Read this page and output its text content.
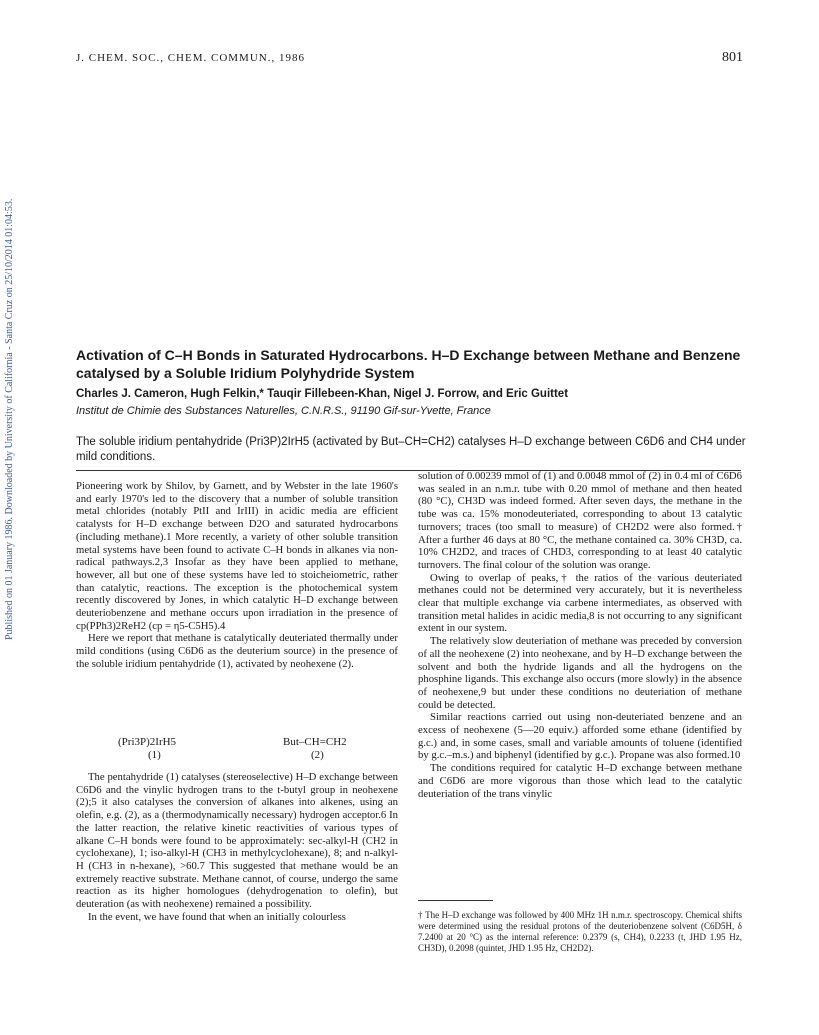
J. CHEM. SOC., CHEM. COMMUN., 1986	801
Published on 01 January 1986. Downloaded by University of California - Santa Cruz on 25/10/2014 01:04:53.	Activation of C–H Bonds in Saturated Hydrocarbons. H–D Exchange between Methane and Benzene catalysed by a Soluble Iridium Polyhydride System
Charles J. Cameron, Hugh Felkin,* Tauqir Fillebeen-Khan, Nigel J. Forrow, and Eric Guittet
Institut de Chimie des Substances Naturelles, C.N.R.S., 91190 Gif-sur-Yvette, France
The soluble iridium pentahydride (Pri3P)2IrH5 (activated by But–CH=CH2) catalyses H–D exchange between C6D6 and CH4 under mild conditions.

Pioneering work by Shilov, by Garnett, and by Webster in the late 1960's and early 1970's led to the discovery that a number of soluble transition metal chlorides (notably PtII and IrIII) in acidic media are efficient catalysts for H–D exchange between D2O and saturated hydrocarbons (including methane).1 More recently, a variety of other soluble transition metal systems have been found to activate C–H bonds in alkanes via non-radical pathways.2,3 Insofar as they have been applied to methane, however, all but one of these systems have led to stoicheiometric, rather than catalytic, reactions. The exception is the photochemical system recently discovered by Jones, in which catalytic H–D exchange between deuteriobenzene and methane occurs upon irradiation in the presence of cp(PPh3)2ReH2 (cp = η5-C5H5).4

Here we report that methane is catalytically deuteriated thermally under mild conditions (using C6D6 as the deuterium source) in the presence of the soluble iridium pentahydride (1), activated by neohexene (2).

(Pri3P)2IrH5
(1)
But–CH=CH2
(2)

The pentahydride (1) catalyses (stereoselective) H–D exchange between C6D6 and the vinylic hydrogen trans to the t-butyl group in neohexene (2);5 it also catalyses the conversion of alkanes into alkenes, using an olefin, e.g. (2), as a (thermodynamically necessary) hydrogen acceptor.6 In the latter reaction, the relative kinetic reactivities of various types of alkane C–H bonds were found to be approximately: sec-alkyl-H (CH2 in cyclohexane), 1; iso-alkyl-H (CH3 in methylcyclohexane), 8; and n-alkyl-H (CH3 in n-hexane), >60.7 This suggested that methane would be an extremely reactive substrate. Methane cannot, of course, undergo the same reaction as its higher homologues (dehydrogenation to olefin), but deuteration (as with neohexene) remained a possibility.

In the event, we have found that when an initially colourless

solution of 0.00239 mmol of (1) and 0.0048 mmol of (2) in 0.4 ml of C6D6 was sealed in an n.m.r. tube with 0.20 mmol of methane and then heated (80 °C), CH3D was indeed formed. After seven days, the methane in the tube was ca. 15% monodeuteriated, corresponding to about 13 catalytic turnovers; traces (too small to measure) of CH2D2 were also formed.† After a further 46 days at 80 °C, the methane contained ca. 30% CH3D, ca. 10% CH2D2, and traces of CHD3, corresponding to at least 40 catalytic turnovers. The final colour of the solution was orange.

Owing to overlap of peaks,† the ratios of the various deuteriated methanes could not be determined very accurately, but it is nevertheless clear that multiple exchange via carbene intermediates, as observed with transition metal halides in acidic media,8 is not occurring to any significant extent in our system.

The relatively slow deuteriation of methane was preceded by conversion of all the neohexene (2) into neohexane, and by H–D exchange between the solvent and both the hydride ligands and all the hydrogens on the phosphine ligands. This exchange also occurs (more slowly) in the absence of neohexene,9 but under these conditions no deuteriation of methane could be detected.

Similar reactions carried out using non-deuteriated benzene and an excess of neohexene (5—20 equiv.) afforded some ethane (identified by g.c.) and, in some cases, small and variable amounts of toluene (identified by g.c.–m.s.) and biphenyl (identified by g.c.). Propane was also formed.10

The conditions required for catalytic H–D exchange between methane and C6D6 are more vigorous than those which lead to the catalytic deuteriation of the trans vinylic

† The H–D exchange was followed by 400 MHz 1H n.m.r. spectroscopy. Chemical shifts were determined using the residual protons of the deuteriobenzene solvent (C6D5H, δ 7.2400 at 20 °C) as the internal reference: 0.2379 (s, CH4), 0.2233 (t, JHD 1.95 Hz, CH3D), 0.2098 (quintet, JHD 1.95 Hz, CH2D2).
